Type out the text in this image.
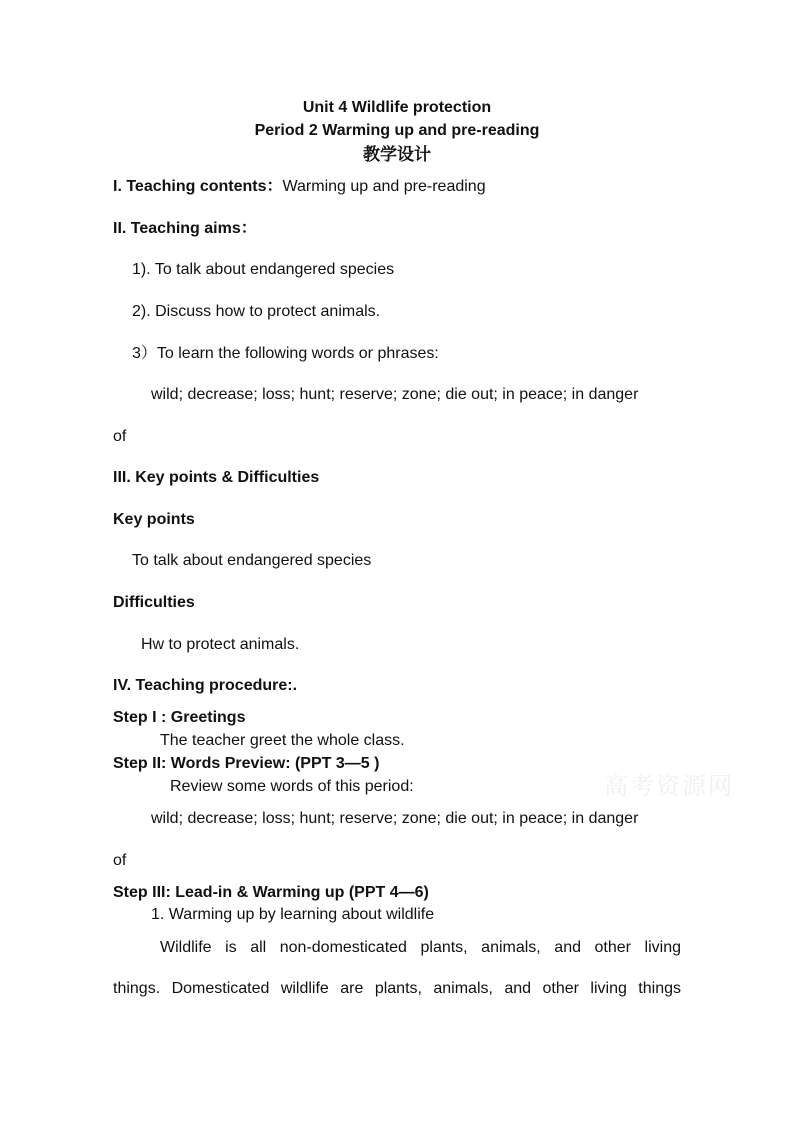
Unit 4 Wildlife protection
Period 2 Warming up and pre-reading
教学设计
I. Teaching contents：Warming up and pre-reading
II. Teaching aims：
1). To talk about endangered species
2). Discuss how to protect animals.
3）To learn the following words or phrases:
wild; decrease; loss; hunt; reserve; zone; die out; in peace; in danger
of
III. Key points & Difficulties
Key points
To talk about endangered species
Difficulties
Hw to protect animals.
IV. Teaching procedure:.
Step I : Greetings
The teacher greet the whole class.
Step II: Words Preview: (PPT 3—5 )
Review some words of this period:
wild; decrease; loss; hunt; reserve; zone; die out; in peace; in danger
of
Step III: Lead-in & Warming up (PPT 4—6)
1. Warming up by learning about wildlife
Wildlife is all non-domesticated plants, animals, and other living
things. Domesticated wildlife are plants, animals, and other living things
高考资源网
